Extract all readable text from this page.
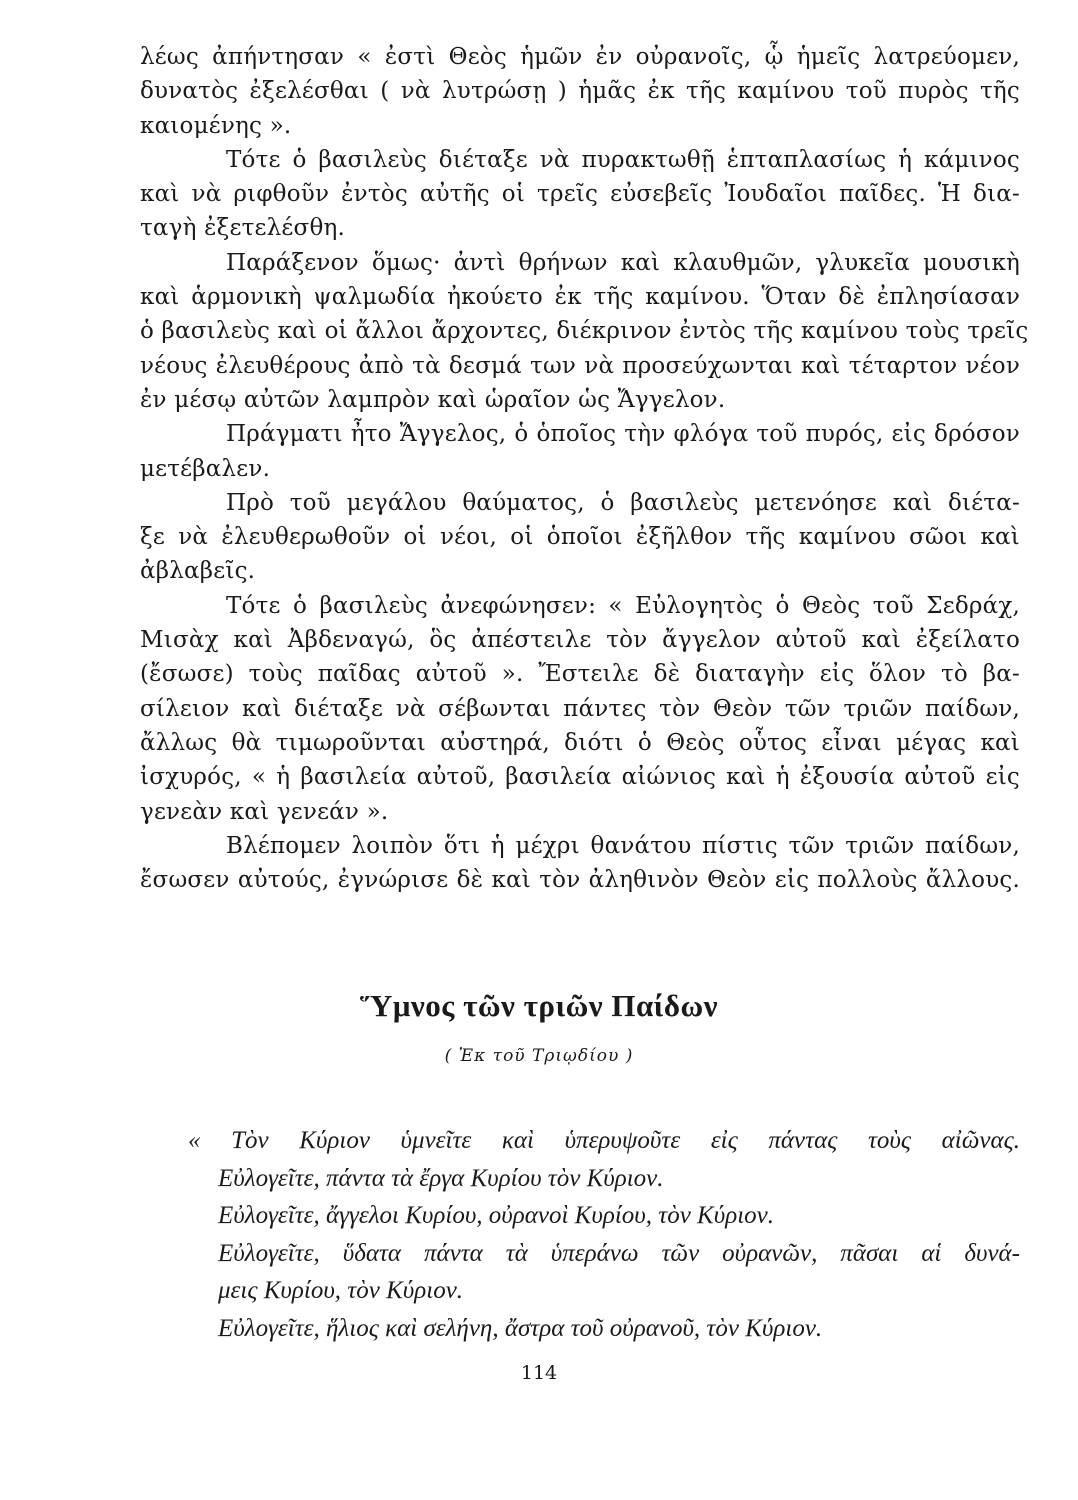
λέως ἀπήντησαν « ἐστὶ Θεὸς ἡμῶν ἐν οὐρανοῖς, ᾧ ἡμεῖς λατρεύομεν,
δυνατὸς ἐξελέσθαι ( νὰ λυτρώσῃ ) ἡμᾶς ἐκ τῆς καμίνου τοῦ πυρὸς τῆς
καιομένης ».
Τότε ὁ βασιλεὺς διέταξε νὰ πυρακτωθῇ ἑπταπλασίως ἡ κάμινος
καὶ νὰ ριφθοῦν ἐντὸς αὐτῆς οἱ τρεῖς εὐσεβεῖς Ἰουδαῖοι παῖδες. Ἡ δια-
ταγὴ ἐξετελέσθη.
Παράξενον ὅμως· ἀντὶ θρήνων καὶ κλαυθμῶν, γλυκεῖα μουσικὴ
καὶ ἁρμονικὴ ψαλμωδία ἠκούετο ἐκ τῆς καμίνου. Ὅταν δὲ ἐπλησίασαν
ὁ βασιλεὺς καὶ οἱ ἄλλοι ἄρχοντες, διέκρινον ἐντὸς τῆς καμίνου τοὺς τρεῖς
νέους ἐλευθέρους ἀπὸ τὰ δεσμά των νὰ προσεύχωνται καὶ τέταρτον νέον
ἐν μέσῳ αὐτῶν λαμπρὸν καὶ ὡραῖον ὡς Ἄγγελον.
Πράγματι ἦτο Ἄγγελος, ὁ ὁποῖος τὴν φλόγα τοῦ πυρός, εἰς δρόσον
μετέβαλεν.
Πρὸ τοῦ μεγάλου θαύματος, ὁ βασιλεὺς μετενόησε καὶ διέτα-
ξε νὰ ἐλευθερωθοῦν οἱ νέοι, οἱ ὁποῖοι ἐξῆλθον τῆς καμίνου σῶοι καὶ
ἀβλαβεῖς.
Τότε ὁ βασιλεὺς ἀνεφώνησεν: « Εὐλογητὸς ὁ Θεὸς τοῦ Σεδράχ,
Μισὰχ καὶ Ἀβδεναγώ, ὃς ἀπέστειλε τὸν ἄγγελον αὐτοῦ καὶ ἐξείλατο
(ἔσωσε) τοὺς παῖδας αὐτοῦ ». Ἔστειλε δὲ διαταγὴν εἰς ὅλον τὸ βα-
σίλειον καὶ διέταξε νὰ σέβωνται πάντες τὸν Θεὸν τῶν τριῶν παίδων,
ἄλλως θὰ τιμωροῦνται αὐστηρά, διότι ὁ Θεὸς οὗτος εἶναι μέγας καὶ
ἰσχυρός, « ἡ βασιλεία αὐτοῦ, βασιλεία αἰώνιος καὶ ἡ ἐξουσία αὐτοῦ εἰς
γενεὰν καὶ γενεάν ».
Βλέπομεν λοιπὸν ὅτι ἡ μέχρι θανάτου πίστις τῶν τριῶν παίδων,
ἔσωσεν αὐτούς, ἐγνώρισε δὲ καὶ τὸν ἀληθινὸν Θεὸν εἰς πολλοὺς ἄλλους.
Ὕμνος τῶν τριῶν Παίδων
( Ἐκ τοῦ Τριῳδίου )
« Τὸν Κύριον ὑμνεῖτε καὶ ὑπερυψοῦτε εἰς πάντας τοὺς αἰῶνας.
Εὐλογεῖτε, πάντα τὰ ἔργα Κυρίου τὸν Κύριον.
Εὐλογεῖτε, ἄγγελοι Κυρίου, οὐρανοὶ Κυρίου, τὸν Κύριον.
Εὐλογεῖτε, ὕδατα πάντα τὰ ὑπεράνω τῶν οὐρανῶν, πᾶσαι αἱ δυνά-
μεις Κυρίου, τὸν Κύριον.
Εὐλογεῖτε, ἥλιος καὶ σελήνη, ἄστρα τοῦ οὐρανοῦ, τὸν Κύριον.
114
